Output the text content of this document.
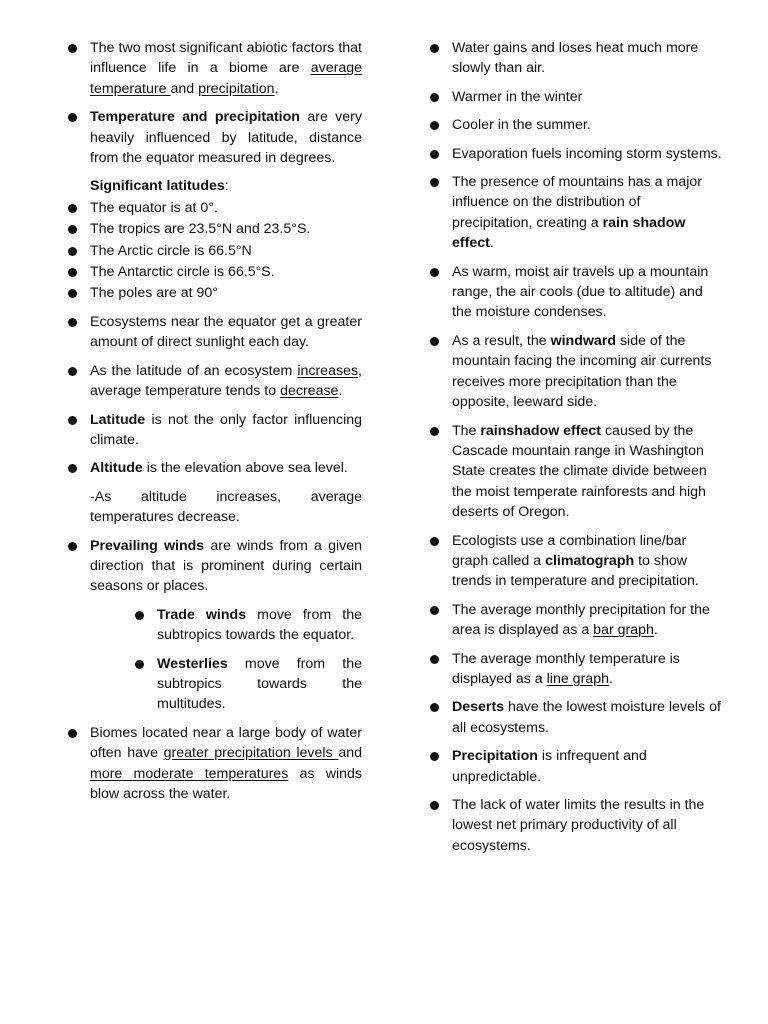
The two most significant abiotic factors that influence life in a biome are average temperature and precipitation.
Temperature and precipitation are very heavily influenced by latitude, distance from the equator measured in degrees.
Significant latitudes:
The equator is at 0°.
The tropics are 23.5°N and 23.5°S.
The Arctic circle is 66.5°N
The Antarctic circle is 66.5°S.
The poles are at 90°
Ecosystems near the equator get a greater amount of direct sunlight each day.
As the latitude of an ecosystem increases, average temperature tends to decrease.
Latitude is not the only factor influencing climate.
Altitude is the elevation above sea level.
-As altitude increases, average temperatures decrease.
Prevailing winds are winds from a given direction that is prominent during certain seasons or places.
Trade winds move from the subtropics towards the equator.
Westerlies move from the subtropics towards the multitudes.
Biomes located near a large body of water often have greater precipitation levels and more moderate temperatures as winds blow across the water.
Water gains and loses heat much more slowly than air.
Warmer in the winter
Cooler in the summer.
Evaporation fuels incoming storm systems.
The presence of mountains has a major influence on the distribution of precipitation, creating a rain shadow effect.
As warm, moist air travels up a mountain range, the air cools (due to altitude) and the moisture condenses.
As a result, the windward side of the mountain facing the incoming air currents receives more precipitation than the opposite, leeward side.
The rainshadow effect caused by the Cascade mountain range in Washington State creates the climate divide between the moist temperate rainforests and high deserts of Oregon.
Ecologists use a combination line/bar graph called a climatograph to show trends in temperature and precipitation.
The average monthly precipitation for the area is displayed as a bar graph.
The average monthly temperature is displayed as a line graph.
Deserts have the lowest moisture levels of all ecosystems.
Precipitation is infrequent and unpredictable.
The lack of water limits the results in the lowest net primary productivity of all ecosystems.
